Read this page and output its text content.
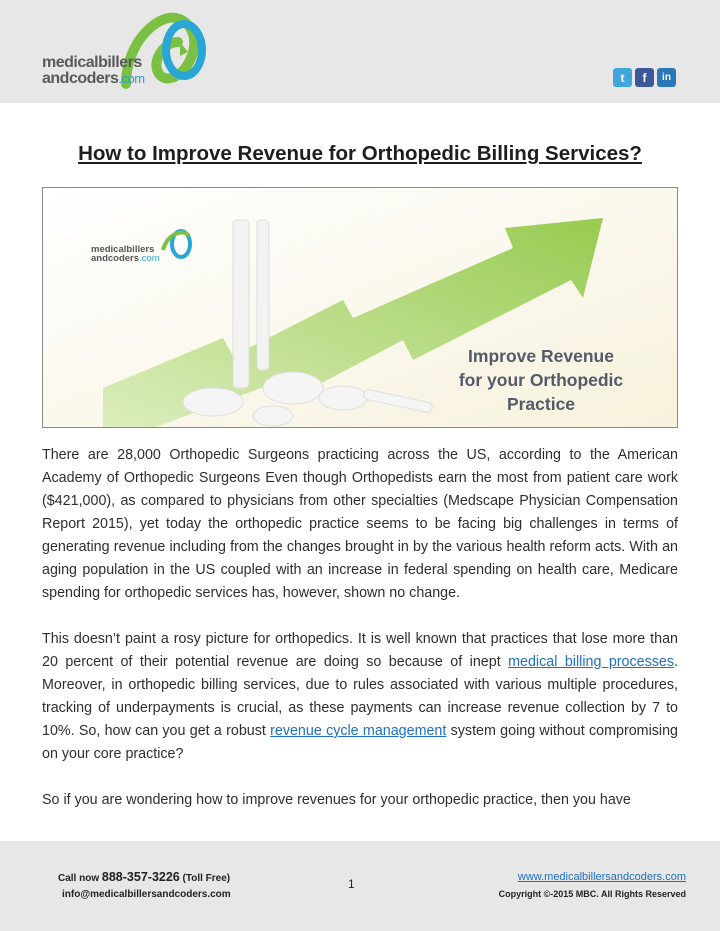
medicalbillers
andcoders.com	t	f	in
How to Improve Revenue for Orthopedic Billing Services?
medicalbillers
andcoders.com
Improve Revenue
for your Orthopedic
Practice

There are 28,000 Orthopedic Surgeons practicing across the US, according to the American Academy of Orthopedic Surgeons Even though Orthopedists earn the most from patient care work ($421,000), as compared to physicians from other specialties (Medscape Physician Compensation Report 2015), yet today the orthopedic practice seems to be facing big challenges in terms of generating revenue including from the changes brought in by the various health reform acts. With an aging population in the US coupled with an increase in federal spending on health care, Medicare spending for orthopedic services has, however, shown no change.

This doesn’t paint a rosy picture for orthopedics. It is well known that practices that lose more than 20 percent of their potential revenue are doing so because of inept medical billing processes. Moreover, in orthopedic billing services, due to rules associated with various multiple procedures, tracking of underpayments is crucial, as these payments can increase revenue collection by 7 to 10%. So, how can you get a robust revenue cycle management system going without compromising on your core practice?

So if you are wondering how to improve revenues for your orthopedic practice, then you have

Call now 888-357-3226 (Toll Free)
info@medicalbillersandcoders.com
1	www.medicalbillersandcoders.com
Copyright ©-2015 MBC. All Rights Reserved
